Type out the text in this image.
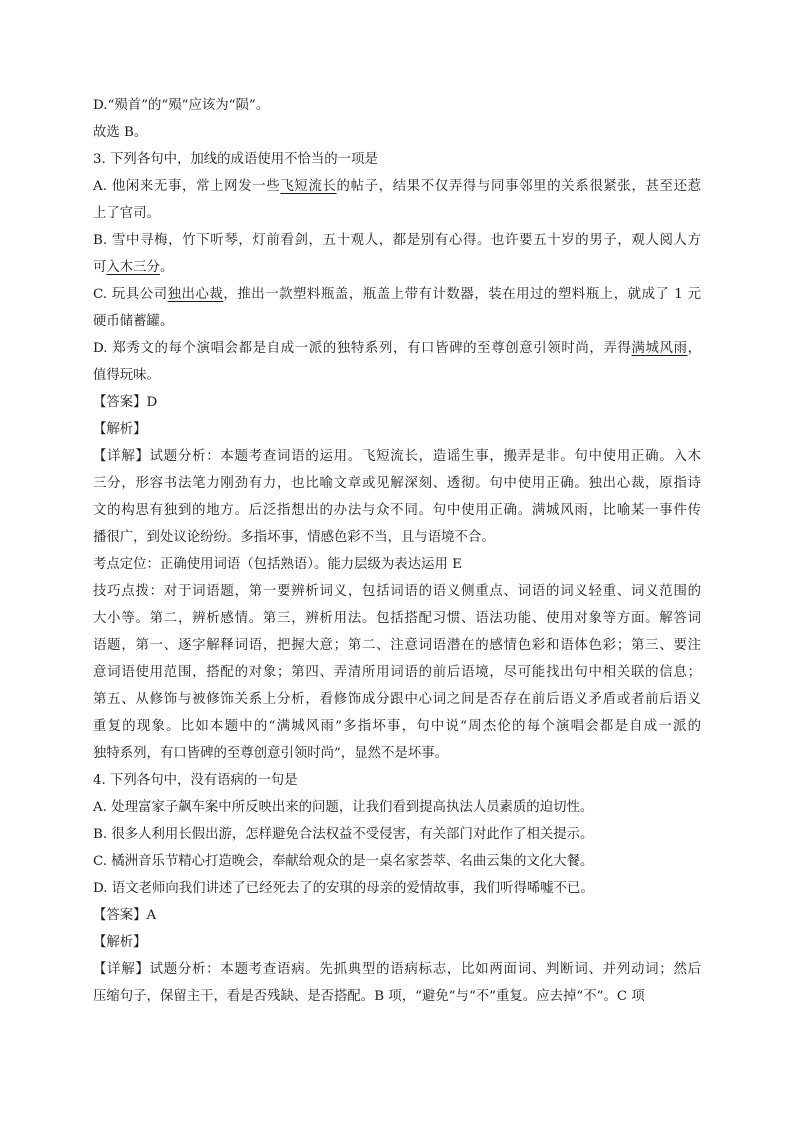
D.“殒首”的“殒”应该为“陨”。
故选 B。
3. 下列各句中，加线的成语使用不恰当的一项是
A. 他闲来无事，常上网发一些飞短流长的帖子，结果不仅弄得与同事邻里的关系很紧张，甚至还惹
上了官司。
B. 雪中寻梅，竹下听琴，灯前看剑，五十观人，都是别有心得。也许要五十岁的男子，观人阅人方
可入木三分。
C. 玩具公司独出心裁，推出一款塑料瓶盖，瓶盖上带有计数器，装在用过的塑料瓶上，就成了 1 元
硬币储蓄罐。
D. 郑秀文的每个演唱会都是自成一派的独特系列，有口皆碑的至尊创意引领时尚，弄得满城风雨，
值得玩味。
【答案】D
【解析】
【详解】试题分析：本题考查词语的运用。飞短流长，造谣生事，搬弄是非。句中使用正确。入木
三分，形容书法笔力刚劲有力，也比喻文章或见解深刻、透彻。句中使用正确。独出心裁，原指诗
文的构思有独到的地方。后泛指想出的办法与众不同。句中使用正确。满城风雨，比喻某一事件传
播很广，到处议论纷纷。多指坏事，情感色彩不当，且与语境不合。
考点定位：正确使用词语（包括熟语）。能力层级为表达运用 E
技巧点拨：对于词语题，第一要辨析词义，包括词语的语义侧重点、词语的词义轻重、词义范围的
大小等。第二，辨析感情。第三，辨析用法。包括搭配习惯、语法功能、使用对象等方面。解答词
语题，第一、逐字解释词语，把握大意；第二、注意词语潜在的感情色彩和语体色彩；第三、要注
意词语使用范围，搭配的对象；第四、弄清所用词语的前后语境，尽可能找出句中相关联的信息；
第五、从修饰与被修饰关系上分析，看修饰成分跟中心词之间是否存在前后语义矛盾或者前后语义
重复的现象。比如本题中的“满城风雨”多指坏事，句中说“周杰伦的每个演唱会都是自成一派的
独特系列，有口皆碑的至尊创意引领时尚”，显然不是坏事。
4. 下列各句中，没有语病的一句是
A. 处理富家子飙车案中所反映出来的问题，让我们看到提高执法人员素质的迫切性。
B. 很多人利用长假出游，怎样避免合法权益不受侵害，有关部门对此作了相关提示。
C. 橘洲音乐节精心打造晚会，奉献给观众的是一桌名家荟萃、名曲云集的文化大餐。
D. 语文老师向我们讲述了已经死去了的安琪的母亲的爱情故事，我们听得唏嘘不已。
【答案】A
【解析】
【详解】试题分析：本题考查语病。先抓典型的语病标志，比如两面词、判断词、并列动词；然后
压缩句子，保留主干，看是否残缺、是否搭配。B 项，“避免”与“不”重复。应去掉“不”。C 项
